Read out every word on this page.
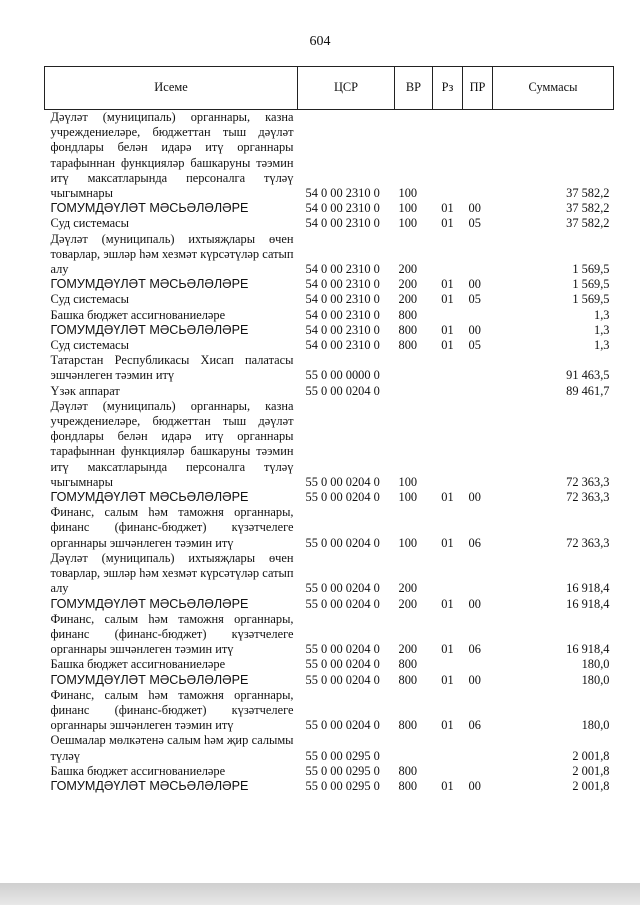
604
Исеме	ЦСР	ВР	Рз	ПР	Суммасы
Дәүләт (муниципаль) органнары, казна учреждениеләре, бюджеттан тыш дәүләт фондлары белән идарә итү органнары тарафыннан функцияләр башкаруны тәэмин итү максатларында персоналга түләү чыгымнары	54 0 00 2310 0	100			37 582,2
ГОМУМДӘҮЛӘТ МӘСЬӘЛӘЛӘРЕ	54 0 00 2310 0	100	01	00	37 582,2
Суд системасы	54 0 00 2310 0	100	01	05	37 582,2
Дәүләт (муниципаль) ихтыяҗлары өчен товарлар, эшләр һәм хезмәт күрсәтүләр сатып алу	54 0 00 2310 0	200			1 569,5
ГОМУМДӘҮЛӘТ МӘСЬӘЛӘЛӘРЕ	54 0 00 2310 0	200	01	00	1 569,5
Суд системасы	54 0 00 2310 0	200	01	05	1 569,5
Башка бюджет ассигнованиеләре	54 0 00 2310 0	800			1,3
ГОМУМДӘҮЛӘТ МӘСЬӘЛӘЛӘРЕ	54 0 00 2310 0	800	01	00	1,3
Суд системасы	54 0 00 2310 0	800	01	05	1,3
Татарстан Республикасы Хисап палатасы эшчәнлеген тәэмин итү	55 0 00 0000 0				91 463,5
Үзәк аппарат	55 0 00 0204 0				89 461,7
Дәүләт (муниципаль) органнары, казна учреждениеләре, бюджеттан тыш дәүләт фондлары белән идарә итү органнары тарафыннан функцияләр башкаруны тәэмин итү максатларында персоналга түләү чыгымнары	55 0 00 0204 0	100			72 363,3
ГОМУМДӘҮЛӘТ МӘСЬӘЛӘЛӘРЕ	55 0 00 0204 0	100	01	00	72 363,3
Финанс, салым һәм таможня органнары, финанс (финанс-бюджет) күзәтчелеге органнары эшчәнлеген тәэмин итү	55 0 00 0204 0	100	01	06	72 363,3
Дәүләт (муниципаль) ихтыяҗлары өчен товарлар, эшләр һәм хезмәт күрсәтүләр сатып алу	55 0 00 0204 0	200			16 918,4
ГОМУМДӘҮЛӘТ МӘСЬӘЛӘЛӘРЕ	55 0 00 0204 0	200	01	00	16 918,4
Финанс, салым һәм таможня органнары, финанс (финанс-бюджет) күзәтчелеге органнары эшчәнлеген тәэмин итү	55 0 00 0204 0	200	01	06	16 918,4
Башка бюджет ассигнованиеләре	55 0 00 0204 0	800			180,0
ГОМУМДӘҮЛӘТ МӘСЬӘЛӘЛӘРЕ	55 0 00 0204 0	800	01	00	180,0
Финанс, салым һәм таможня органнары, финанс (финанс-бюджет) күзәтчелеге органнары эшчәнлеген тәэмин итү	55 0 00 0204 0	800	01	06	180,0
Оешмалар мөлкәтенә салым һәм җир салымы түләү	55 0 00 0295 0				2 001,8
Башка бюджет ассигнованиеләре	55 0 00 0295 0	800			2 001,8
ГОМУМДӘҮЛӘТ МӘСЬӘЛӘЛӘРЕ	55 0 00 0295 0	800	01	00	2 001,8
